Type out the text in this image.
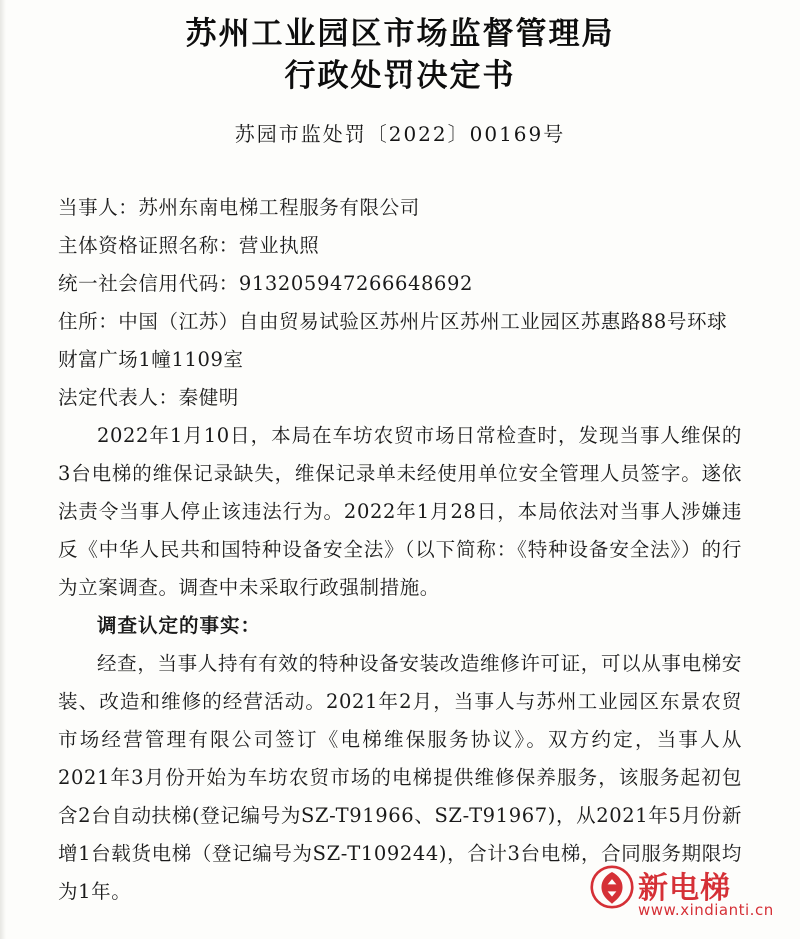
苏州工业园区市场监督管理局
行政处罚决定书
苏园市监处罚〔2022〕00169号

当事人：苏州东南电梯工程服务有限公司

主体资格证照名称：营业执照

统一社会信用代码：913205947266648692

住所：中国（江苏）自由贸易试验区苏州片区苏州工业园区苏惠路88号环球财富广场1幢1109室

法定代表人：秦健明

2022年1月10日，本局在车坊农贸市场日常检查时，发现当事人维保的3台电梯的维保记录缺失，维保记录单未经使用单位安全管理人员签字。遂依法责令当事人停止该违法行为。2022年1月28日，本局依法对当事人涉嫌违反《中华人民共和国特种设备安全法》（以下简称：《特种设备安全法》）的行为立案调查。调查中未采取行政强制措施。

调查认定的事实：

经查，当事人持有有效的特种设备安装改造维修许可证，可以从事电梯安装、改造和维修的经营活动。2021年2月，当事人与苏州工业园区东景农贸市场经营管理有限公司签订《电梯维保服务协议》。双方约定，当事人从2021年3月份开始为车坊农贸市场的电梯提供维修保养服务，该服务起初包含2台自动扶梯(登记编号为SZ-T91966、SZ-T91967)，从2021年5月份新增1台载货电梯（登记编号为SZ-T109244)，合计3台电梯，合同服务期限均为1年。	新电梯
www.xindianti.cn
